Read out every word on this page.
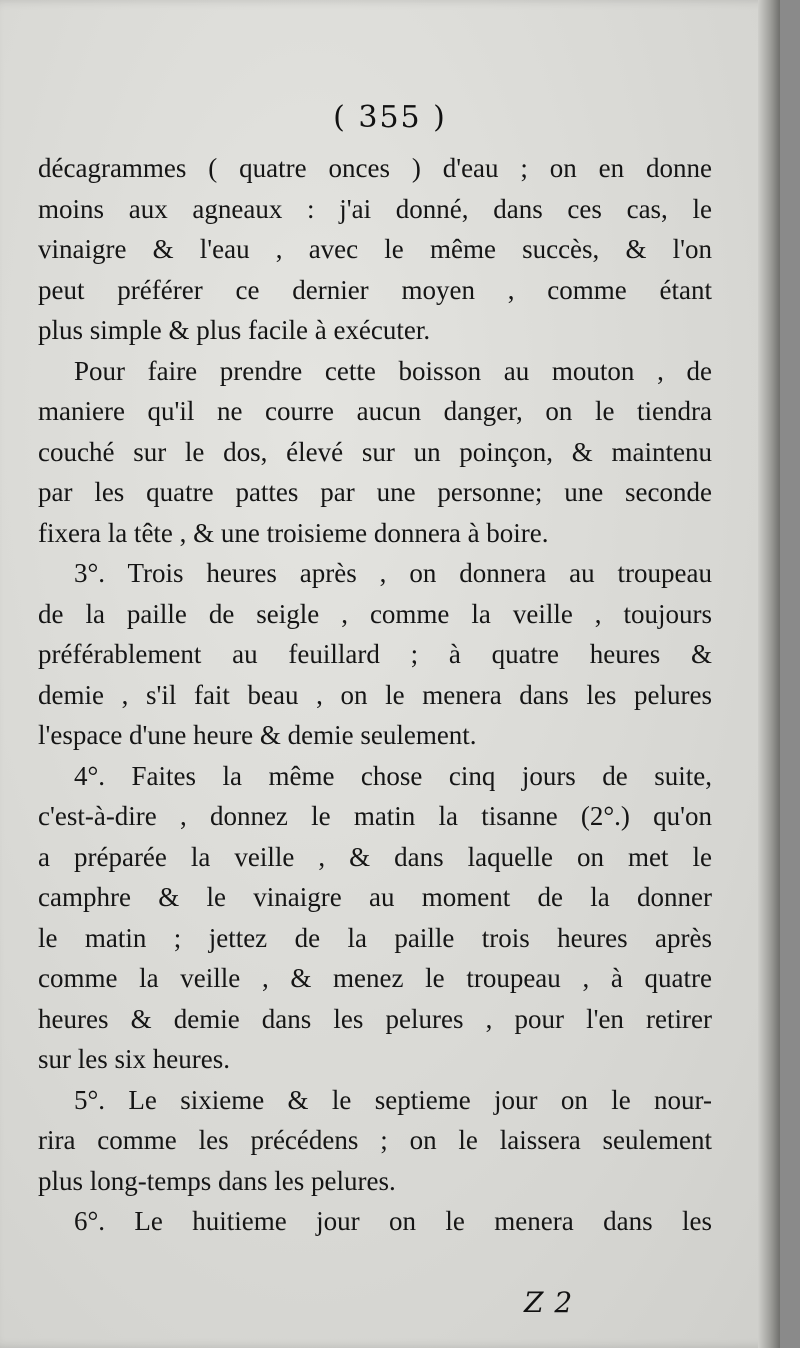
( 355 )
décagrammes ( quatre onces ) d'eau ; on en donne
moins aux agneaux : j'ai donné, dans ces cas, le
vinaigre & l'eau , avec le même succès, & l'on
peut préférer ce dernier moyen , comme étant
plus simple & plus facile à exécuter.
Pour faire prendre cette boisson au mouton , de
maniere qu'il ne courre aucun danger, on le tiendra
couché sur le dos, élevé sur un poinçon, & maintenu
par les quatre pattes par une personne; une seconde
fixera la tête , & une troisieme donnera à boire.
3°. Trois heures après , on donnera au troupeau
de la paille de seigle , comme la veille , toujours
préférablement au feuillard ; à quatre heures &
demie , s'il fait beau , on le menera dans les pelures
l'espace d'une heure & demie seulement.
4°. Faites la même chose cinq jours de suite,
c'est-à-dire , donnez le matin la tisanne (2°.) qu'on
a préparée la veille , & dans laquelle on met le
camphre & le vinaigre au moment de la donner
le matin ; jettez de la paille trois heures après
comme la veille , & menez le troupeau , à quatre
heures & demie dans les pelures , pour l'en retirer
sur les six heures.
5°. Le sixieme & le septieme jour on le nour-
rira comme les précédens ; on le laissera seulement
plus long-temps dans les pelures.
6°. Le huitieme jour on le menera dans les
Z 2
